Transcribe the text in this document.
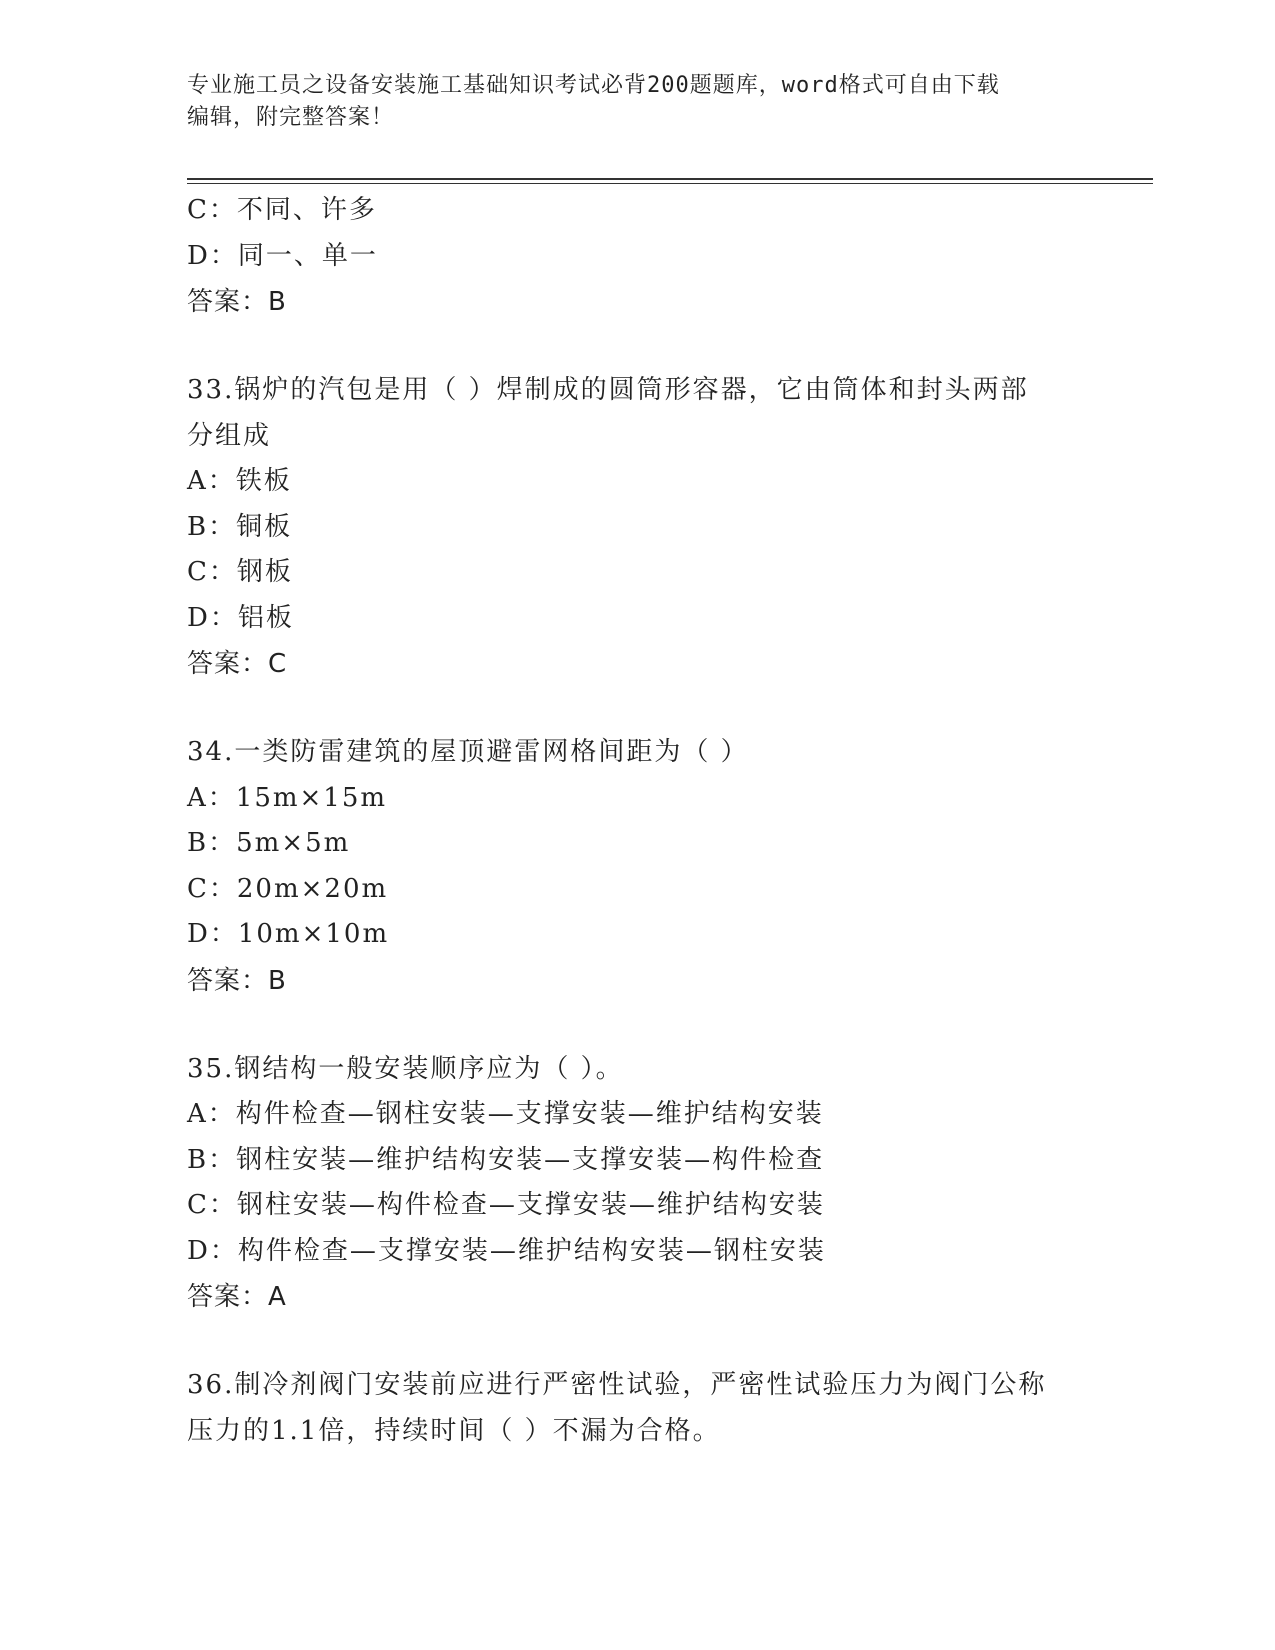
专业施工员之设备安装施工基础知识考试必背200题题库，word格式可自由下载
编辑，附完整答案！
C：不同、许多
D：同一、单一
答案：B
33.锅炉的汽包是用（ ）焊制成的圆筒形容器，它由筒体和封头两部
分组成
A：铁板
B：铜板
C：钢板
D：铝板
答案：C
34.一类防雷建筑的屋顶避雷网格间距为（ ）
A：15m×15m
B：5m×5m
C：20m×20m
D：10m×10m
答案：B
35.钢结构一般安装顺序应为（ ）。
A：构件检查—钢柱安装—支撑安装—维护结构安装
B：钢柱安装—维护结构安装—支撑安装—构件检查
C：钢柱安装—构件检查—支撑安装—维护结构安装
D：构件检查—支撑安装—维护结构安装—钢柱安装
答案：A
36.制冷剂阀门安装前应进行严密性试验，严密性试验压力为阀门公称
压力的1.1倍，持续时间（ ）不漏为合格。
